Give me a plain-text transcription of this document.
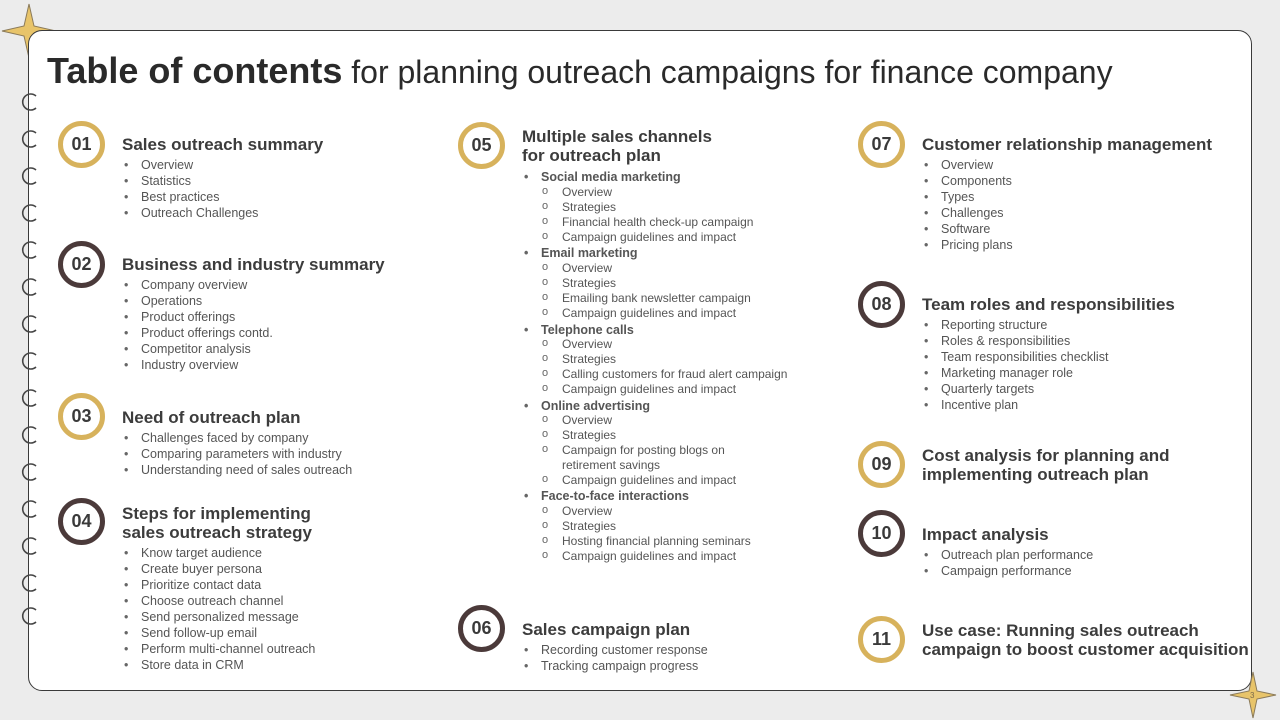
3
Table of contents for planning outreach campaigns for finance company
01	Sales outreach summary
• Overview
• Statistics
• Best practices
• Outreach Challenges
02	Business and industry summary
• Company overview
• Operations
• Product offerings
• Product offerings contd.
• Competitor analysis
• Industry overview
03	Need of outreach plan
• Challenges faced by company
• Comparing parameters with industry
• Understanding need of sales outreach
04	Steps for implementing
sales outreach strategy
• Know target audience
• Create buyer persona
• Prioritize contact data
• Choose outreach channel
• Send personalized message
• Send follow-up email
• Perform multi-channel outreach
• Store data in CRM
05	Multiple sales channels
for outreach plan
• Social media marketing
o Overview
o Strategies
o Financial health check-up campaign
o Campaign guidelines and impact
• Email marketing
o Overview
o Strategies
o Emailing bank newsletter campaign
o Campaign guidelines and impact
• Telephone calls
o Overview
o Strategies
o Calling customers for fraud alert campaign
o Campaign guidelines and impact
• Online advertising
o Overview
o Strategies
o Campaign for posting blogs on
retirement savings
o Campaign guidelines and impact
• Face-to-face interactions
o Overview
o Strategies
o Hosting financial planning seminars
o Campaign guidelines and impact
06	Sales campaign plan
• Recording customer response
• Tracking campaign progress
07	Customer relationship management
• Overview
• Components
• Types
• Challenges
• Software
• Pricing plans
08	Team roles and responsibilities
• Reporting structure
• Roles & responsibilities
• Team responsibilities checklist
• Marketing manager role
• Quarterly targets
• Incentive plan
09	Cost analysis for planning and
implementing outreach plan
10	Impact analysis
• Outreach plan performance
• Campaign performance
11	Use case: Running sales outreach
campaign to boost customer acquisition
